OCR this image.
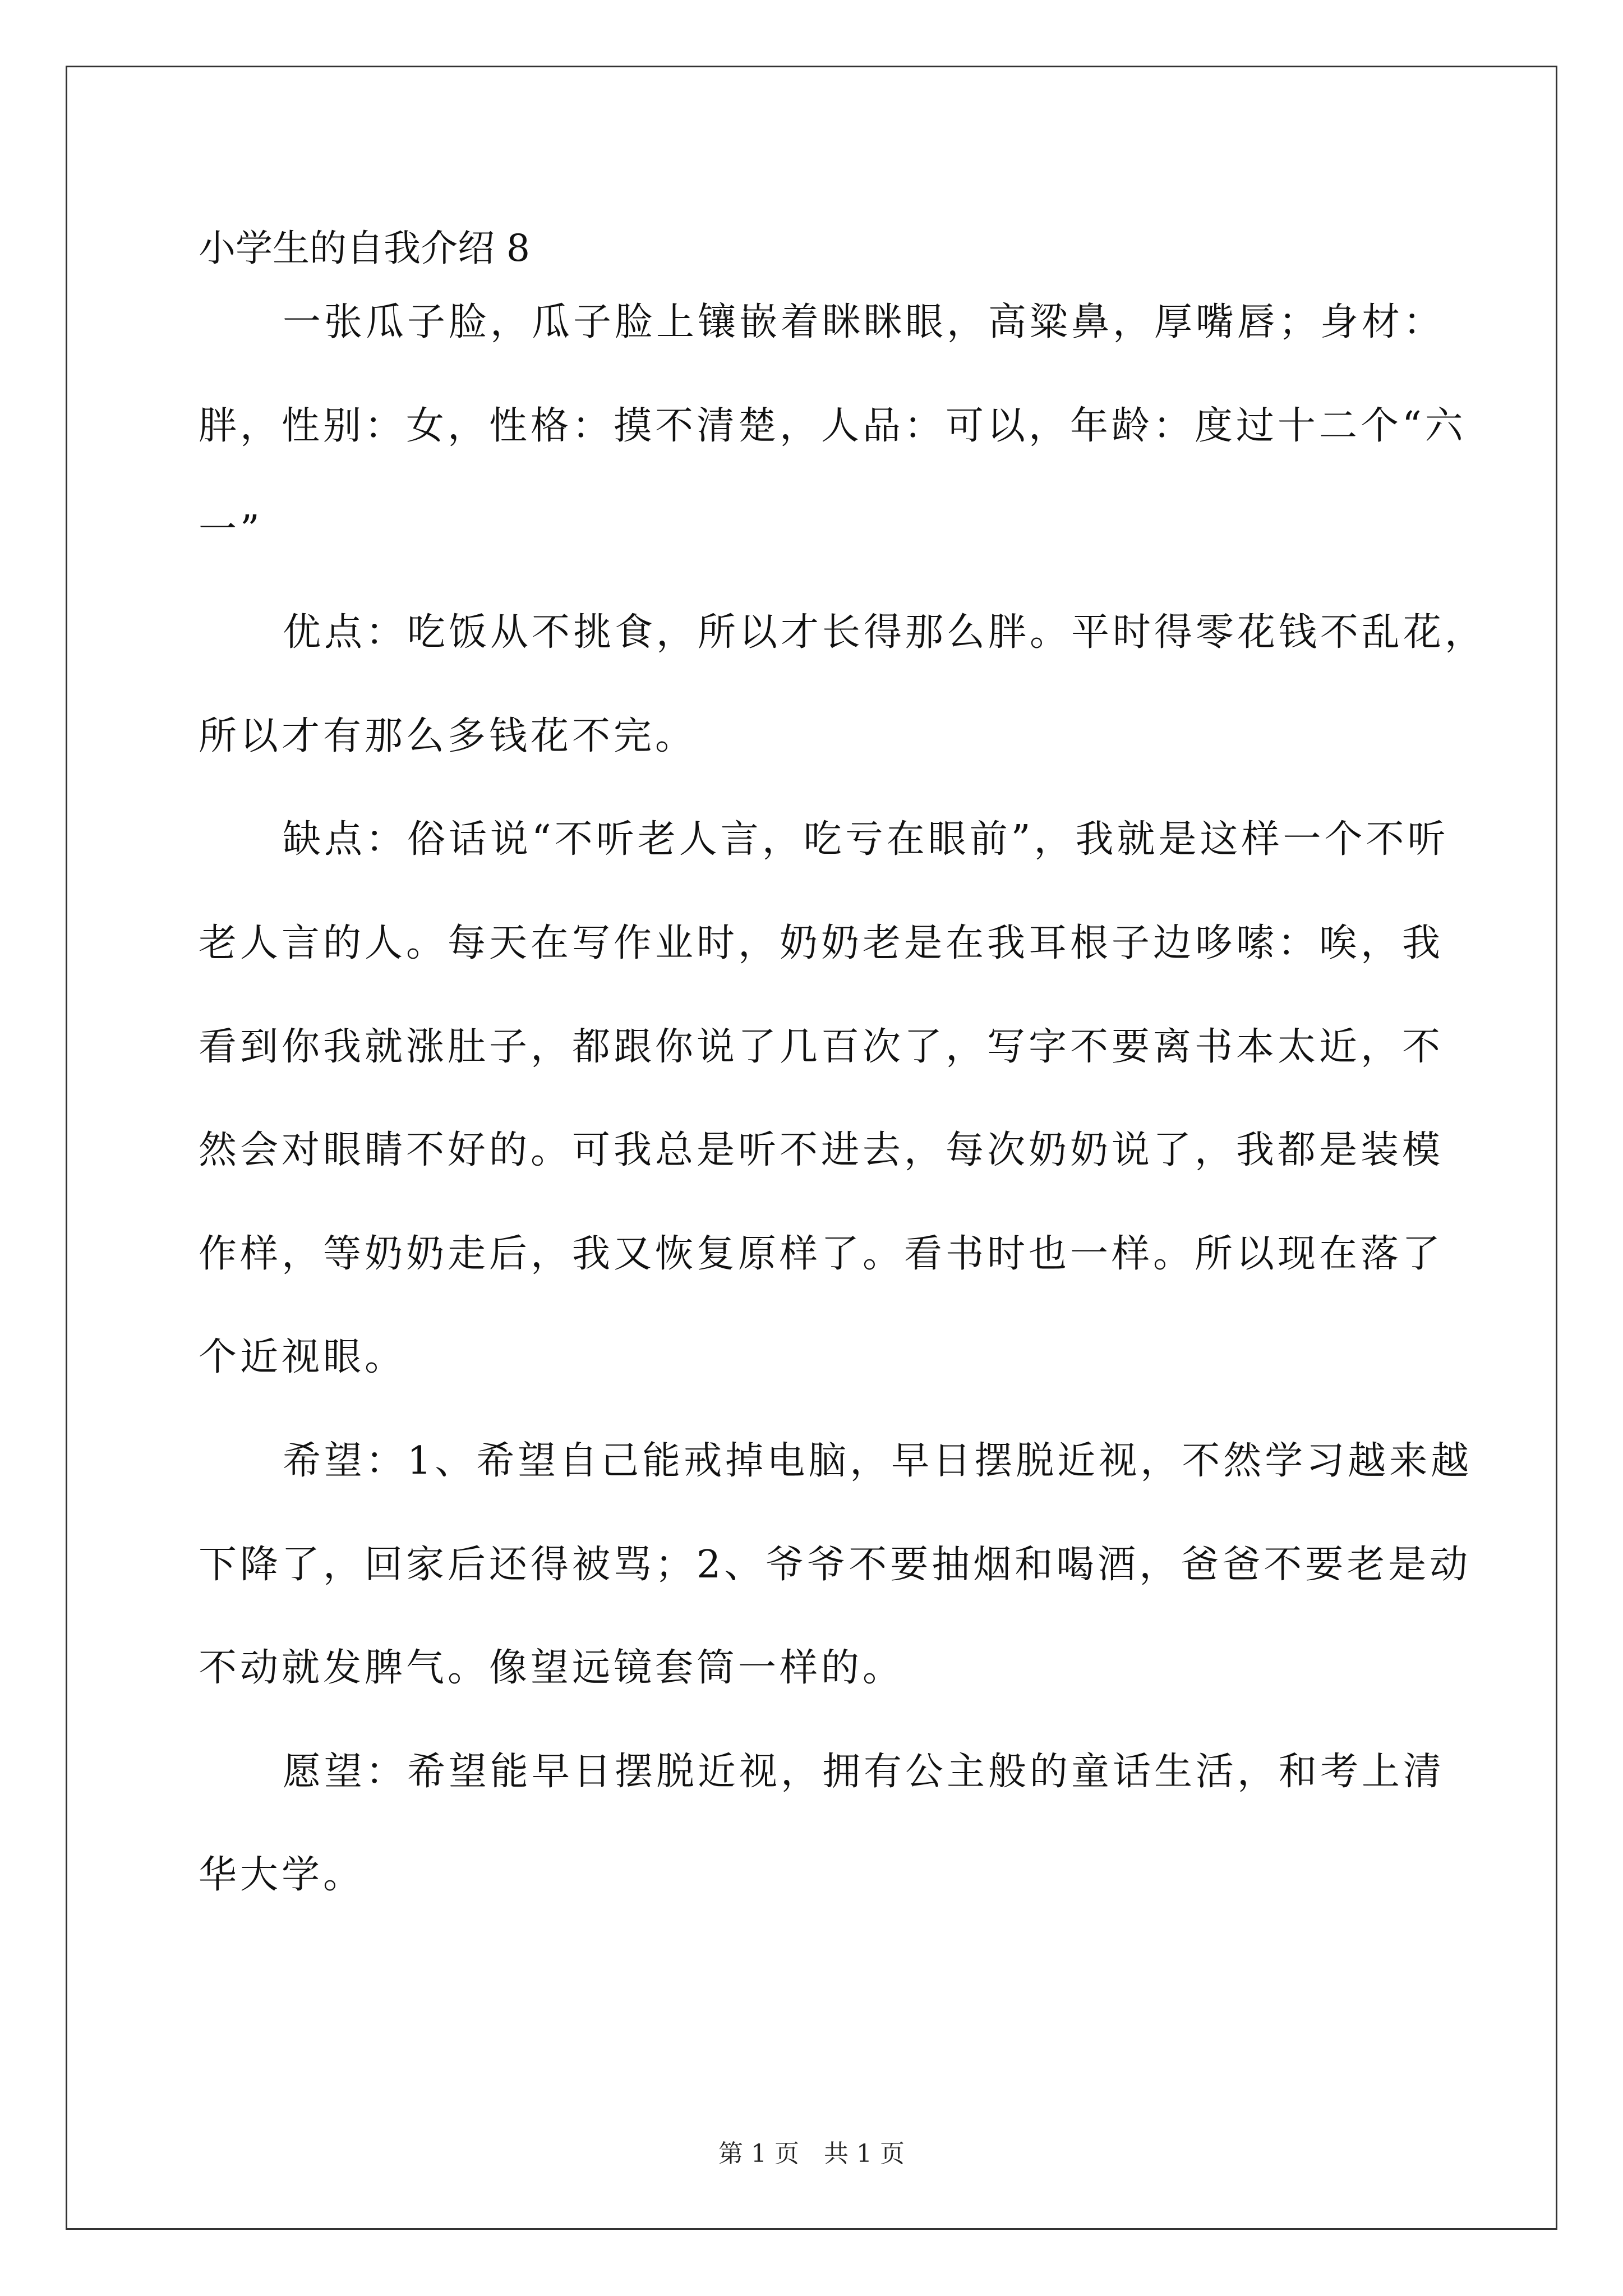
小学生的自我介绍 8
一张瓜子脸，瓜子脸上镶嵌着眯眯眼，高粱鼻，厚嘴唇；身材：
胖，性别：女，性格：摸不清楚，人品：可以，年龄：度过十二个“六
一”
优点：吃饭从不挑食，所以才长得那么胖。平时得零花钱不乱花，
所以才有那么多钱花不完。
缺点：俗话说“不听老人言，吃亏在眼前”，我就是这样一个不听
老人言的人。每天在写作业时，奶奶老是在我耳根子边哆嗦：唉，我
看到你我就涨肚子，都跟你说了几百次了，写字不要离书本太近，不
然会对眼睛不好的。可我总是听不进去，每次奶奶说了，我都是装模
作样，等奶奶走后，我又恢复原样了。看书时也一样。所以现在落了
个近视眼。
希望：1、希望自己能戒掉电脑，早日摆脱近视，不然学习越来越
下降了，回家后还得被骂；2、爷爷不要抽烟和喝酒，爸爸不要老是动
不动就发脾气。像望远镜套筒一样的。
愿望：希望能早日摆脱近视，拥有公主般的童话生活，和考上清
华大学。
第 1 页　共 1 页
